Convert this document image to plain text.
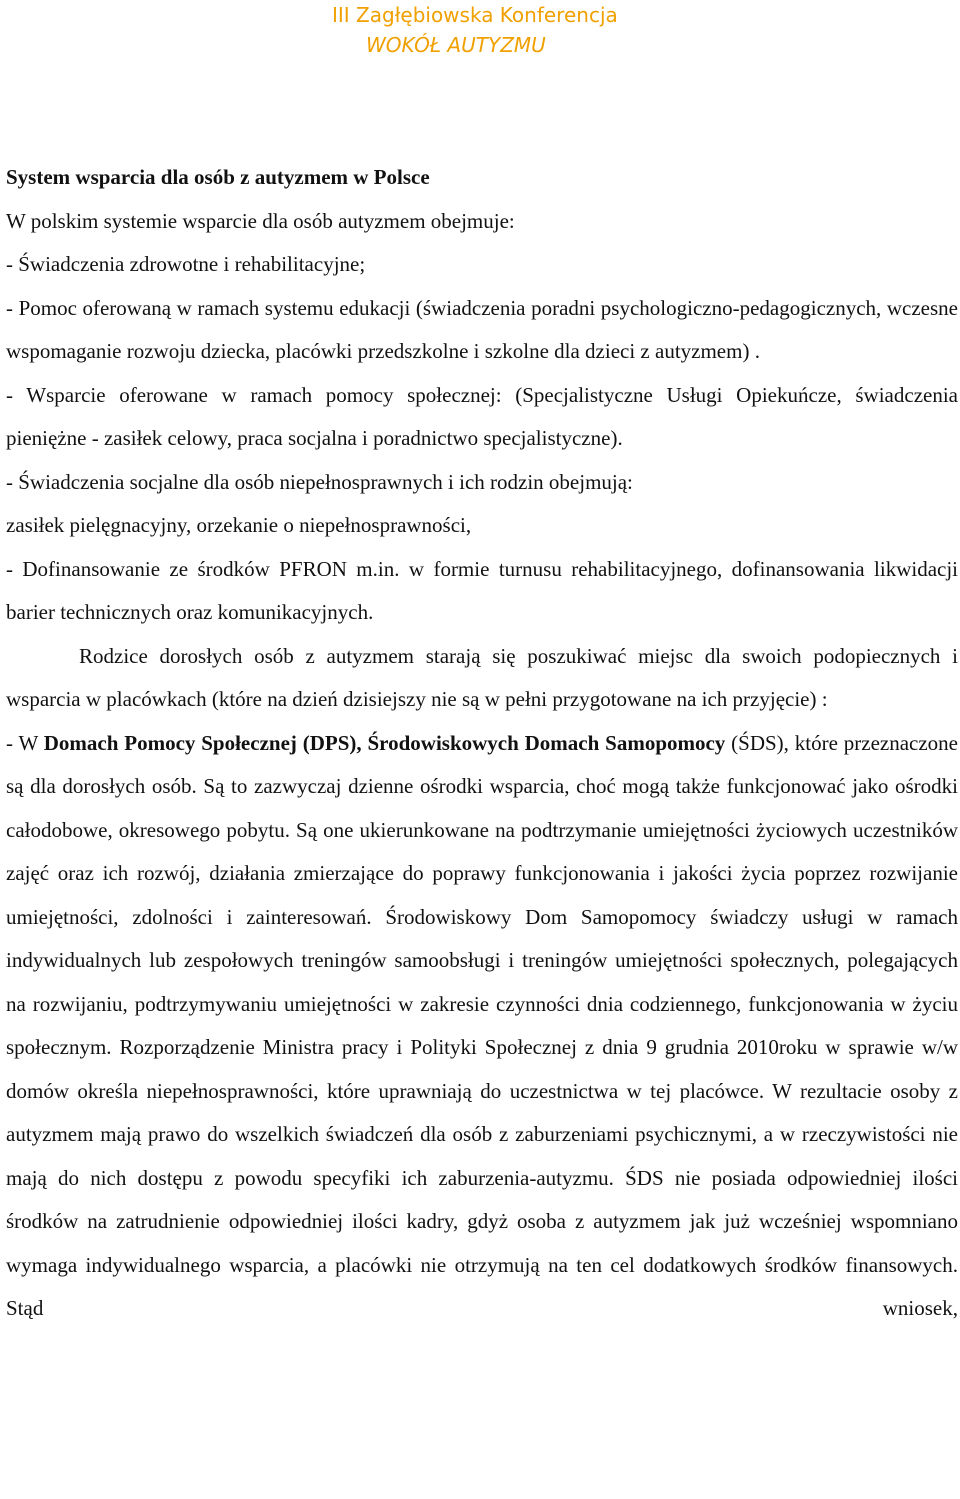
III Zagłębiowska Konferencja
WOKÓŁ AUTYZMU

System wsparcia dla osób z autyzmem w Polsce

W polskim systemie wsparcie dla osób autyzmem obejmuje:

- Świadczenia zdrowotne i rehabilitacyjne;

- Pomoc oferowaną w ramach systemu edukacji (świadczenia poradni psychologiczno-pedagogicznych, wczesne wspomaganie rozwoju dziecka, placówki przedszkolne i szkolne dla dzieci z autyzmem) .

- Wsparcie oferowane w ramach pomocy społecznej: (Specjalistyczne Usługi Opiekuńcze, świadczenia pieniężne - zasiłek celowy, praca socjalna i poradnictwo specjalistyczne).

- Świadczenia socjalne dla osób niepełnosprawnych i ich rodzin obejmują:

zasiłek pielęgnacyjny, orzekanie o niepełnosprawności,

- Dofinansowanie ze środków PFRON m.in. w formie turnusu rehabilitacyjnego, dofinansowania likwidacji barier technicznych oraz komunikacyjnych.

Rodzice dorosłych osób z autyzmem starają się poszukiwać miejsc dla swoich podopiecznych i wsparcia w placówkach (które na dzień dzisiejszy nie są w pełni przygotowane na ich przyjęcie) :

- W Domach Pomocy Społecznej (DPS), Środowiskowych Domach Samopomocy (ŚDS), które przeznaczone są dla dorosłych osób. Są to zazwyczaj dzienne ośrodki wsparcia, choć mogą także funkcjonować jako ośrodki całodobowe, okresowego pobytu. Są one ukierunkowane na podtrzymanie umiejętności życiowych uczestników zajęć oraz ich rozwój, działania zmierzające do poprawy funkcjonowania i jakości życia poprzez rozwijanie umiejętności, zdolności i zainteresowań. Środowiskowy Dom Samopomocy świadczy usługi w ramach indywidualnych lub zespołowych treningów samoobsługi i treningów umiejętności społecznych, polegających na rozwijaniu, podtrzymywaniu umiejętności w zakresie czynności dnia codziennego, funkcjonowania w życiu społecznym. Rozporządzenie Ministra pracy i Polityki Społecznej z dnia 9 grudnia 2010roku w sprawie w/w domów określa niepełnosprawności, które uprawniają do uczestnictwa w tej placówce. W rezultacie osoby z autyzmem mają prawo do wszelkich świadczeń dla osób z zaburzeniami psychicznymi, a w rzeczywistości nie mają do nich dostępu z powodu specyfiki ich zaburzenia-autyzmu. ŚDS nie posiada odpowiedniej ilości środków na zatrudnienie odpowiedniej ilości kadry, gdyż osoba z autyzmem jak już wcześniej wspomniano wymaga indywidualnego wsparcia, a placówki nie otrzymują na ten cel dodatkowych środków finansowych. Stąd wniosek,
